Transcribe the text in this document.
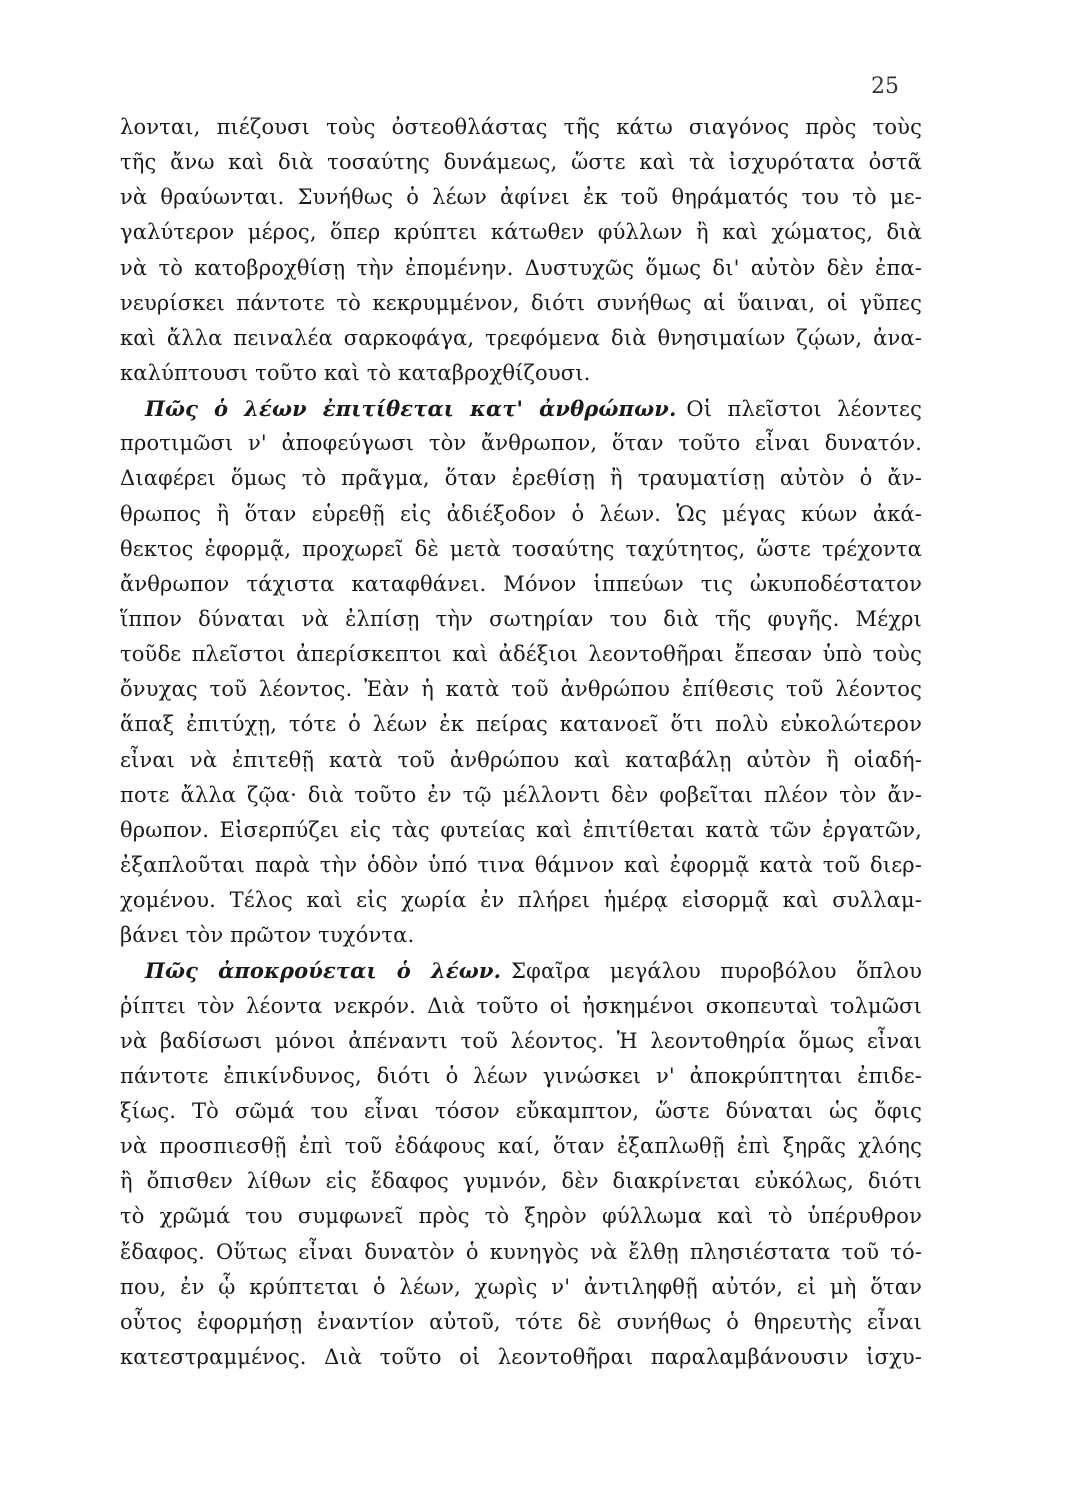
25
λονται, πιέζουσι τοὺς ὀστεοθλάστας τῆς κάτω σιαγόνος πρὸς τοὺς
τῆς ἄνω καὶ διὰ τοσαύτης δυνάμεως, ὥστε καὶ τὰ ἰσχυρότατα ὀστᾶ
νὰ θραύωνται. Συνήθως ὁ λέων ἀφίνει ἐκ τοῦ θηράματός του τὸ με-
γαλύτερον μέρος, ὅπερ κρύπτει κάτωθεν φύλλων ἢ καὶ χώματος, διὰ
νὰ τὸ κατοβροχθίσῃ τὴν ἐπομένην. Δυστυχῶς ὅμως δι' αὐτὸν δὲν ἐπα-
νευρίσκει πάντοτε τὸ κεκρυμμένον, διότι συνήθως αἱ ὕαιναι, οἱ γῦπες
καὶ ἄλλα πειναλέα σαρκοφάγα, τρεφόμενα διὰ θνησιμαίων ζῴων, ἀνα-
καλύπτουσι τοῦτο καὶ τὸ καταβροχθίζουσι.
Πῶς ὁ λέων ἐπιτίθεται κατ' ἀνθρώπων. Οἱ πλεῖστοι λέοντες
προτιμῶσι ν' ἀποφεύγωσι τὸν ἄνθρωπον, ὅταν τοῦτο εἶναι δυνατόν.
Διαφέρει ὅμως τὸ πρᾶγμα, ὅταν ἐρεθίσῃ ἢ τραυματίσῃ αὐτὸν ὁ ἄν-
θρωπος ἢ ὅταν εὑρεθῇ εἰς ἀδιέξοδον ὁ λέων. Ὡς μέγας κύων ἀκά-
θεκτος ἐφορμᾷ, προχωρεῖ δὲ μετὰ τοσαύτης ταχύτητος, ὥστε τρέχοντα
ἄνθρωπον τάχιστα καταφθάνει. Μόνον ἱππεύων τις ὠκυποδέστατον
ἵππον δύναται νὰ ἐλπίσῃ τὴν σωτηρίαν του διὰ τῆς φυγῆς. Μέχρι
τοῦδε πλεῖστοι ἀπερίσκεπτοι καὶ ἀδέξιοι λεοντοθῆραι ἔπεσαν ὑπὸ τοὺς
ὄνυχας τοῦ λέοντος. Ἐὰν ἡ κατὰ τοῦ ἀνθρώπου ἐπίθεσις τοῦ λέοντος
ἅπαξ ἐπιτύχῃ, τότε ὁ λέων ἐκ πείρας κατανοεῖ ὅτι πολὺ εὐκολώτερον
εἶναι νὰ ἐπιτεθῇ κατὰ τοῦ ἀνθρώπου καὶ καταβάλῃ αὐτὸν ἢ οἱαδή-
ποτε ἄλλα ζῷα· διὰ τοῦτο ἐν τῷ μέλλοντι δὲν φοβεῖται πλέον τὸν ἄν-
θρωπον. Εἰσερπύζει εἰς τὰς φυτείας καὶ ἐπιτίθεται κατὰ τῶν ἐργατῶν,
ἐξαπλοῦται παρὰ τὴν ὁδὸν ὑπό τινα θάμνον καὶ ἐφορμᾷ κατὰ τοῦ διερ-
χομένου. Τέλος καὶ εἰς χωρία ἐν πλήρει ἡμέρᾳ εἰσορμᾷ καὶ συλλαμ-
βάνει τὸν πρῶτον τυχόντα.
Πῶς ἀποκρούεται ὁ λέων. Σφαῖρα μεγάλου πυροβόλου ὅπλου
ῥίπτει τὸν λέοντα νεκρόν. Διὰ τοῦτο οἱ ἠσκημένοι σκοπευταὶ τολμῶσι
νὰ βαδίσωσι μόνοι ἀπέναντι τοῦ λέοντος. Ἡ λεοντοθηρία ὅμως εἶναι
πάντοτε ἐπικίνδυνος, διότι ὁ λέων γινώσκει ν' ἀποκρύπτηται ἐπιδε-
ξίως. Τὸ σῶμά του εἶναι τόσον εὔκαμπτον, ὥστε δύναται ὡς ὄφις
νὰ προσπιεσθῇ ἐπὶ τοῦ ἐδάφους καί, ὅταν ἐξαπλωθῇ ἐπὶ ξηρᾶς χλόης
ἢ ὄπισθεν λίθων εἰς ἔδαφος γυμνόν, δὲν διακρίνεται εὐκόλως, διότι
τὸ χρῶμά του συμφωνεῖ πρὸς τὸ ξηρὸν φύλλωμα καὶ τὸ ὑπέρυθρον
ἔδαφος. Οὕτως εἶναι δυνατὸν ὁ κυνηγὸς νὰ ἔλθῃ πλησιέστατα τοῦ τό-
που, ἐν ᾧ κρύπτεται ὁ λέων, χωρὶς ν' ἀντιληφθῇ αὐτόν, εἰ μὴ ὅταν
οὗτος ἐφορμήσῃ ἐναντίον αὐτοῦ, τότε δὲ συνήθως ὁ θηρευτὴς εἶναι
κατεστραμμένος. Διὰ τοῦτο οἱ λεοντοθῆραι παραλαμβάνουσιν ἰσχυ-
